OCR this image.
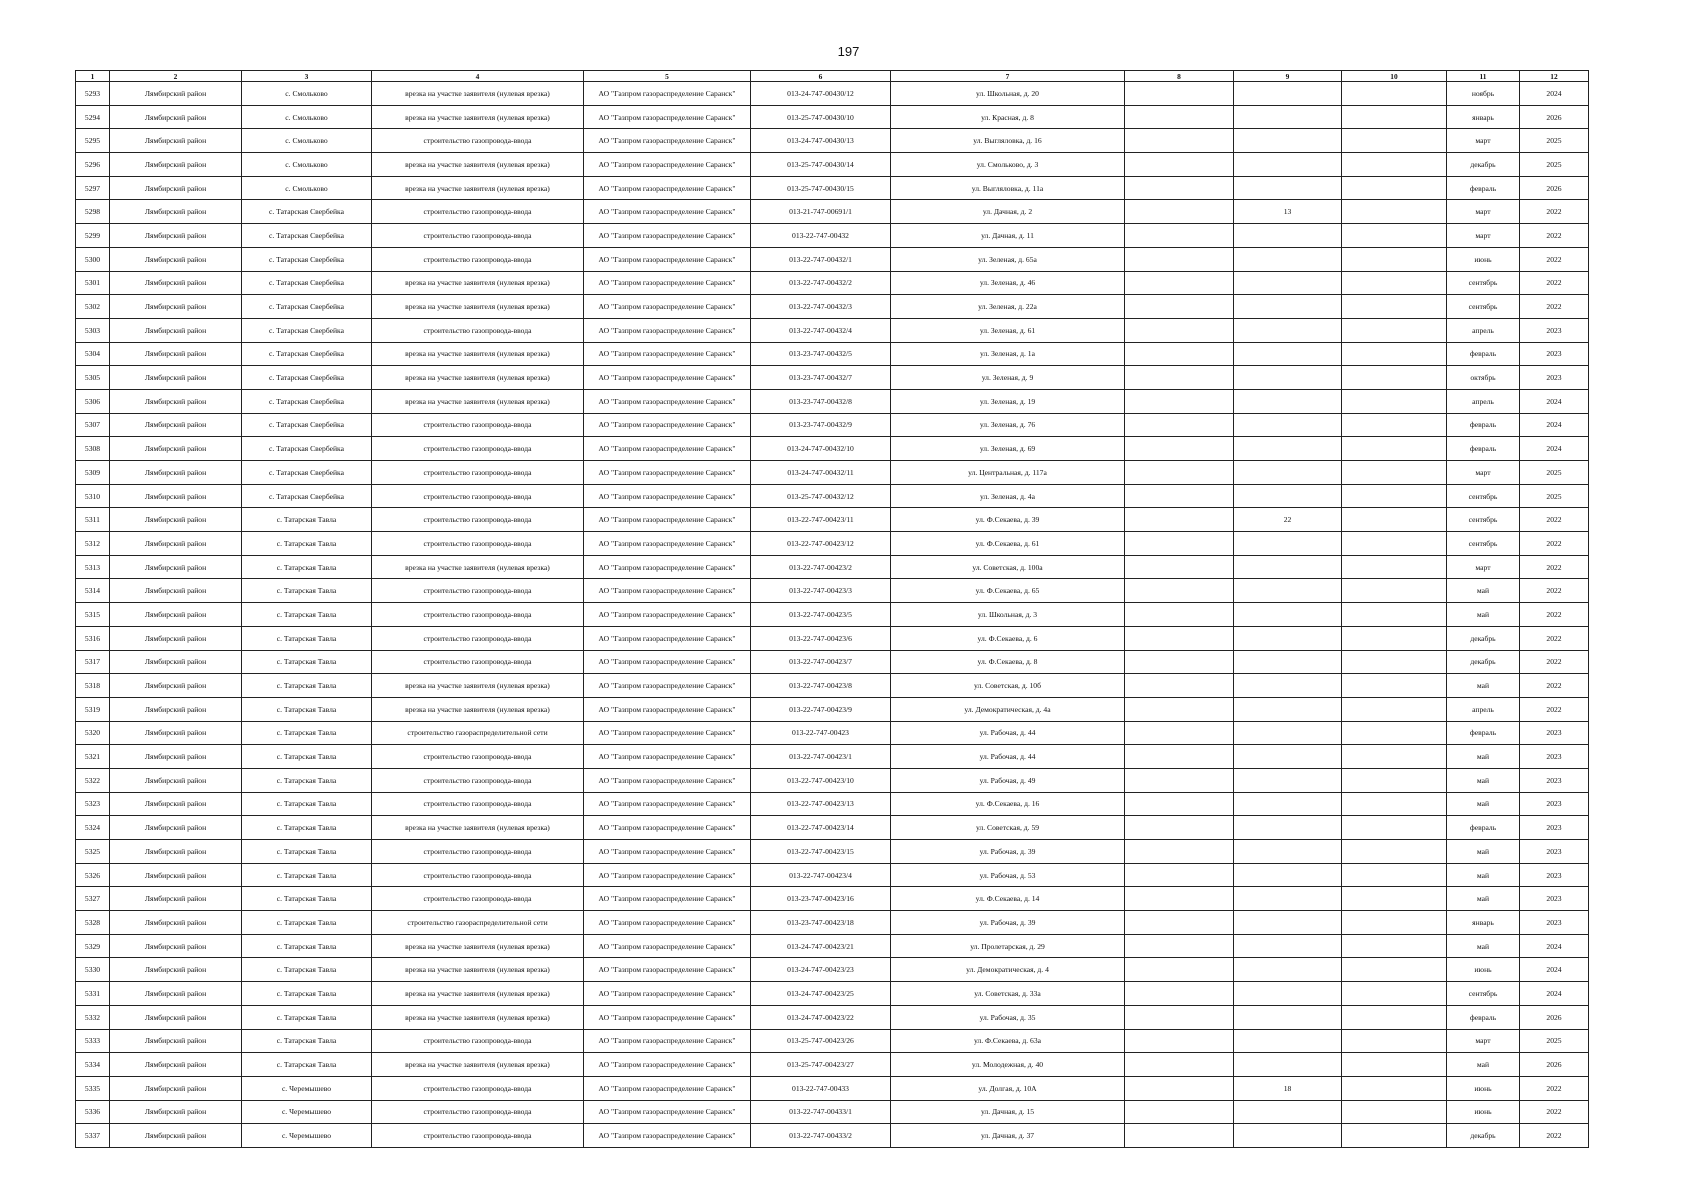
197
1	2	3	4	5	6	7	8	9	10	11	12
5293	Лямбирский район	с. Смольково	врезка на участке заявителя (нулевая врезка)	АО "Газпром газораспределение Саранск"	013-24-747-00430/12	ул. Школьная, д. 20				ноябрь	2024
5294	Лямбирский район	с. Смольково	врезка на участке заявителя (нулевая врезка)	АО "Газпром газораспределение Саранск"	013-25-747-00430/10	ул. Красная, д. 8				январь	2026
5295	Лямбирский район	с. Смольково	строительство газопровода-ввода	АО "Газпром газораспределение Саранск"	013-24-747-00430/13	ул. Выгляловка, д. 16				март	2025
5296	Лямбирский район	с. Смольково	врезка на участке заявителя (нулевая врезка)	АО "Газпром газораспределение Саранск"	013-25-747-00430/14	ул. Смольково, д. 3				декабрь	2025
5297	Лямбирский район	с. Смольково	врезка на участке заявителя (нулевая врезка)	АО "Газпром газораспределение Саранск"	013-25-747-00430/15	ул. Выгляловка, д. 11а				февраль	2026
5298	Лямбирский район	с. Татарская Свербейка	строительство газопровода-ввода	АО "Газпром газораспределение Саранск"	013-21-747-00691/1	ул. Дачная, д. 2		13		март	2022
5299	Лямбирский район	с. Татарская Свербейка	строительство газопровода-ввода	АО "Газпром газораспределение Саранск"	013-22-747-00432	ул. Дачная, д. 11				март	2022
5300	Лямбирский район	с. Татарская Свербейка	строительство газопровода-ввода	АО "Газпром газораспределение Саранск"	013-22-747-00432/1	ул. Зеленая, д. 65а				июнь	2022
5301	Лямбирский район	с. Татарская Свербейка	врезка на участке заявителя (нулевая врезка)	АО "Газпром газораспределение Саранск"	013-22-747-00432/2	ул. Зеленая, д. 46				сентябрь	2022
5302	Лямбирский район	с. Татарская Свербейка	врезка на участке заявителя (нулевая врезка)	АО "Газпром газораспределение Саранск"	013-22-747-00432/3	ул. Зеленая, д. 22а				сентябрь	2022
5303	Лямбирский район	с. Татарская Свербейка	строительство газопровода-ввода	АО "Газпром газораспределение Саранск"	013-22-747-00432/4	ул. Зеленая, д. 61				апрель	2023
5304	Лямбирский район	с. Татарская Свербейка	врезка на участке заявителя (нулевая врезка)	АО "Газпром газораспределение Саранск"	013-23-747-00432/5	ул. Зеленая, д. 1а				февраль	2023
5305	Лямбирский район	с. Татарская Свербейка	врезка на участке заявителя (нулевая врезка)	АО "Газпром газораспределение Саранск"	013-23-747-00432/7	ул. Зеленая, д. 9				октябрь	2023
5306	Лямбирский район	с. Татарская Свербейка	врезка на участке заявителя (нулевая врезка)	АО "Газпром газораспределение Саранск"	013-23-747-00432/8	ул. Зеленая, д. 19				апрель	2024
5307	Лямбирский район	с. Татарская Свербейка	строительство газопровода-ввода	АО "Газпром газораспределение Саранск"	013-23-747-00432/9	ул. Зеленая, д. 76				февраль	2024
5308	Лямбирский район	с. Татарская Свербейка	строительство газопровода-ввода	АО "Газпром газораспределение Саранск"	013-24-747-00432/10	ул. Зеленая, д. 69				февраль	2024
5309	Лямбирский район	с. Татарская Свербейка	строительство газопровода-ввода	АО "Газпром газораспределение Саранск"	013-24-747-00432/11	ул. Центральная, д. 117а				март	2025
5310	Лямбирский район	с. Татарская Свербейка	строительство газопровода-ввода	АО "Газпром газораспределение Саранск"	013-25-747-00432/12	ул. Зеленая, д. 4а				сентябрь	2025
5311	Лямбирский район	с. Татарская Тавла	строительство газопровода-ввода	АО "Газпром газораспределение Саранск"	013-22-747-00423/11	ул. Ф.Секаева, д. 39		22		сентябрь	2022
5312	Лямбирский район	с. Татарская Тавла	строительство газопровода-ввода	АО "Газпром газораспределение Саранск"	013-22-747-00423/12	ул. Ф.Секаева, д. 61				сентябрь	2022
5313	Лямбирский район	с. Татарская Тавла	врезка на участке заявителя (нулевая врезка)	АО "Газпром газораспределение Саранск"	013-22-747-00423/2	ул. Советская, д. 100а				март	2022
5314	Лямбирский район	с. Татарская Тавла	строительство газопровода-ввода	АО "Газпром газораспределение Саранск"	013-22-747-00423/3	ул. Ф.Секаева, д. 65				май	2022
5315	Лямбирский район	с. Татарская Тавла	строительство газопровода-ввода	АО "Газпром газораспределение Саранск"	013-22-747-00423/5	ул. Школьная, д. 3				май	2022
5316	Лямбирский район	с. Татарская Тавла	строительство газопровода-ввода	АО "Газпром газораспределение Саранск"	013-22-747-00423/6	ул. Ф.Секаева, д. 6				декабрь	2022
5317	Лямбирский район	с. Татарская Тавла	строительство газопровода-ввода	АО "Газпром газораспределение Саранск"	013-22-747-00423/7	ул. Ф.Секаева, д. 8				декабрь	2022
5318	Лямбирский район	с. Татарская Тавла	врезка на участке заявителя (нулевая врезка)	АО "Газпром газораспределение Саранск"	013-22-747-00423/8	ул. Советская, д. 10б				май	2022
5319	Лямбирский район	с. Татарская Тавла	врезка на участке заявителя (нулевая врезка)	АО "Газпром газораспределение Саранск"	013-22-747-00423/9	ул. Демократическая, д. 4а				апрель	2022
5320	Лямбирский район	с. Татарская Тавла	строительство газораспределительной сети	АО "Газпром газораспределение Саранск"	013-22-747-00423	ул. Рабочая, д. 44				февраль	2023
5321	Лямбирский район	с. Татарская Тавла	строительство газопровода-ввода	АО "Газпром газораспределение Саранск"	013-22-747-00423/1	ул. Рабочая, д. 44				май	2023
5322	Лямбирский район	с. Татарская Тавла	строительство газопровода-ввода	АО "Газпром газораспределение Саранск"	013-22-747-00423/10	ул. Рабочая, д. 49				май	2023
5323	Лямбирский район	с. Татарская Тавла	строительство газопровода-ввода	АО "Газпром газораспределение Саранск"	013-22-747-00423/13	ул. Ф.Секаева, д. 16				май	2023
5324	Лямбирский район	с. Татарская Тавла	врезка на участке заявителя (нулевая врезка)	АО "Газпром газораспределение Саранск"	013-22-747-00423/14	ул. Советская, д. 59				февраль	2023
5325	Лямбирский район	с. Татарская Тавла	строительство газопровода-ввода	АО "Газпром газораспределение Саранск"	013-22-747-00423/15	ул. Рабочая, д. 39				май	2023
5326	Лямбирский район	с. Татарская Тавла	строительство газопровода-ввода	АО "Газпром газораспределение Саранск"	013-22-747-00423/4	ул. Рабочая, д. 53				май	2023
5327	Лямбирский район	с. Татарская Тавла	строительство газопровода-ввода	АО "Газпром газораспределение Саранск"	013-23-747-00423/16	ул. Ф.Секаева, д. 14				май	2023
5328	Лямбирский район	с. Татарская Тавла	строительство газораспределительной сети	АО "Газпром газораспределение Саранск"	013-23-747-00423/18	ул. Рабочая, д. 39				январь	2023
5329	Лямбирский район	с. Татарская Тавла	врезка на участке заявителя (нулевая врезка)	АО "Газпром газораспределение Саранск"	013-24-747-00423/21	ул. Пролетарская, д. 29				май	2024
5330	Лямбирский район	с. Татарская Тавла	врезка на участке заявителя (нулевая врезка)	АО "Газпром газораспределение Саранск"	013-24-747-00423/23	ул. Демократическая, д. 4				июнь	2024
5331	Лямбирский район	с. Татарская Тавла	врезка на участке заявителя (нулевая врезка)	АО "Газпром газораспределение Саранск"	013-24-747-00423/25	ул. Советская, д. 33а				сентябрь	2024
5332	Лямбирский район	с. Татарская Тавла	врезка на участке заявителя (нулевая врезка)	АО "Газпром газораспределение Саранск"	013-24-747-00423/22	ул. Рабочая, д. 35				февраль	2026
5333	Лямбирский район	с. Татарская Тавла	строительство газопровода-ввода	АО "Газпром газораспределение Саранск"	013-25-747-00423/26	ул. Ф.Секаева, д. 63а				март	2025
5334	Лямбирский район	с. Татарская Тавла	врезка на участке заявителя (нулевая врезка)	АО "Газпром газораспределение Саранск"	013-25-747-00423/27	ул. Молодежная, д. 40				май	2026
5335	Лямбирский район	с. Черемышево	строительство газопровода-ввода	АО "Газпром газораспределение Саранск"	013-22-747-00433	ул. Долгая, д. 10А		18		июнь	2022
5336	Лямбирский район	с. Черемышево	строительство газопровода-ввода	АО "Газпром газораспределение Саранск"	013-22-747-00433/1	ул. Дачная, д. 15				июнь	2022
5337	Лямбирский район	с. Черемышево	строительство газопровода-ввода	АО "Газпром газораспределение Саранск"	013-22-747-00433/2	ул. Дачная, д. 37				декабрь	2022
